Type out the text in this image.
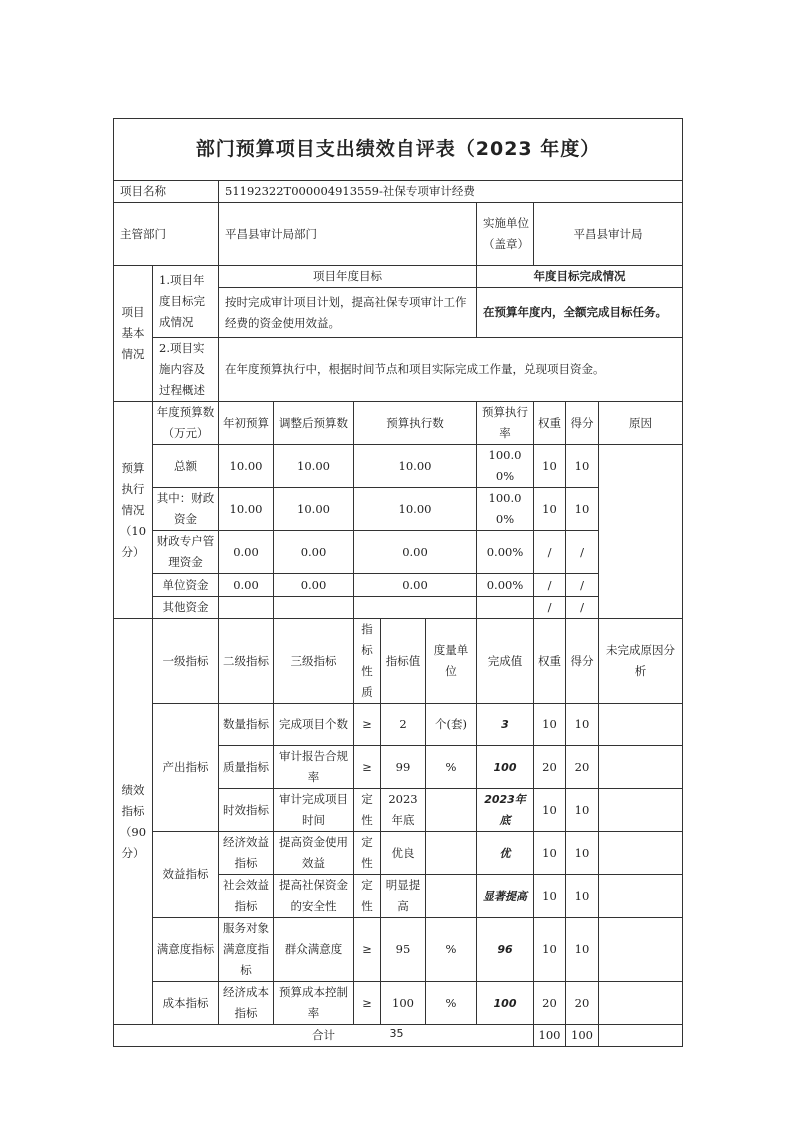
部门预算项目支出绩效自评表（2023 年度）										
项目名称		51192322T000004913559-社保专项审计经费								
主管部门		平昌县审计局部门					实施单位（盖章）	平昌县审计局		
项目基本情况	1.项目年度目标完成情况	项目年度目标					年度目标完成情况			
		按时完成审计项目计划，提高社保专项审计工作经费的资金使用效益。					在预算年度内，全额完成目标任务。			
	2.项目实施内容及过程概述	在年度预算执行中，根据时间节点和项目实际完成工作量，兑现项目资金。								
预算执行情况（10分）	年度预算数（万元）	年初预算	调整后预算数	预算执行数			预算执行率	权重	得分	原因
	总额	10.00	10.00	10.00			100.00%	10	10	
	其中：财政资金	10.00	10.00	10.00			100.00%	10	10	
	财政专户管理资金	0.00	0.00	0.00			0.00%	/	/	
	单位资金	0.00	0.00	0.00			0.00%	/	/	
	其他资金							/	/	
绩效指标（90分）	一级指标	二级指标	三级指标	指标性质	指标值	度量单位	完成值	权重	得分	未完成原因分析
	产出指标	数量指标	完成项目个数	≥	2	个(套)	3	10	10	
		质量指标	审计报告合规率	≥	99	%	100	20	20	
		时效指标	审计完成项目时间	定性	2023年底		2023年底	10	10	
	效益指标	经济效益指标	提高资金使用效益	定性	优良		优	10	10	
		社会效益指标	提高社保资金的安全性	定性	明显提高		显著提高	10	10	
	满意度指标	服务对象满意度指标	群众满意度	≥	95	%	96	10	10	
	成本指标	经济成本指标	预算成本控制率	≥	100	%	100	20	20	
合计								100	100	
35
